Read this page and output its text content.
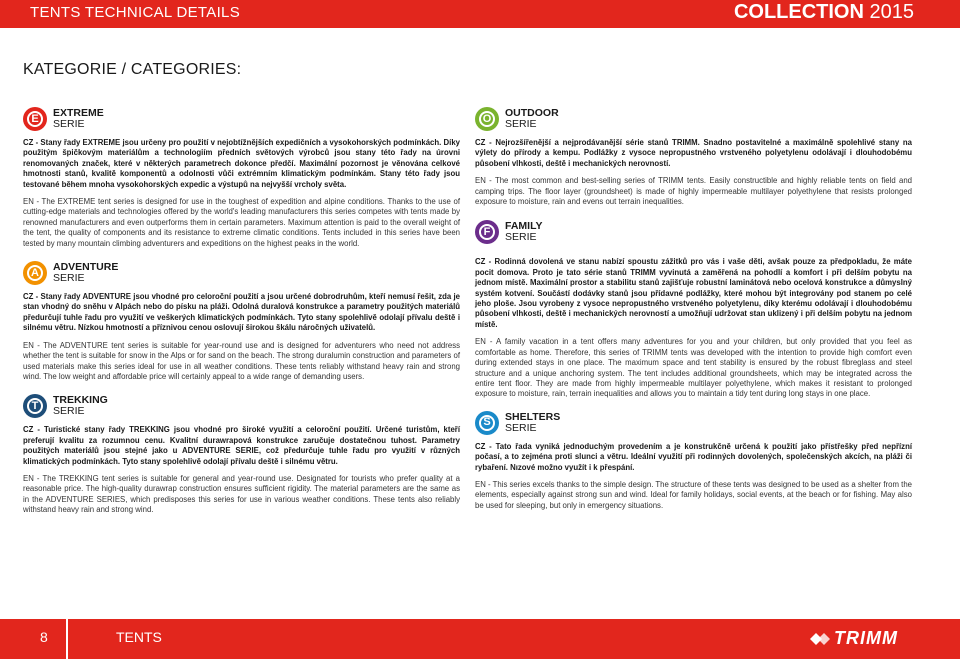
TENTS TECHNICAL DETAILS	COLLECTION 2015
KATEGORIE / CATEGORIES:
E	EXTREME
SERIE

CZ - Stany řady EXTREME jsou určeny pro použití v nejobtížnějších expedičních a vysokohorských podmínkách. Díky použitým špičkovým materiálům a technologiím předních světových výrobců jsou stany této řady na úrovni renomovaných značek, které v některých parametrech dokonce předčí. Maximální pozornost je věnována celkové hmotnosti stanů, kvalitě komponentů a odolnosti vůči extrémním klimatickým podmínkám. Stany této řady jsou testované během mnoha vysokohorských expedic a výstupů na nejvyšší vrcholy světa.

EN - The EXTREME tent series is designed for use in the toughest of expedition and alpine conditions. Thanks to the use of cutting-edge materials and technologies offered by the world's leading manufacturers this series competes with tents made by renowned manufacturers and even outperforms them in certain parameters. Maximum attention is paid to the overall weight of the tent, the quality of components and its resistance to extreme climatic conditions. Tents included in this series have been tested by many mountain climbing adventurers and expeditions on the highest peaks in the world.

A	ADVENTURE
SERIE

CZ - Stany řady ADVENTURE jsou vhodné pro celoroční použití a jsou určené dobrodruhům, kteří nemusí řešit, zda je stan vhodný do sněhu v Alpách nebo do písku na pláži. Odolná duralová konstrukce a parametry použitých materiálů předurčují tuhle řadu pro využití ve veškerých klimatických podmínkách. Tyto stany spolehlivě odolají přívalu deště i silnému větru. Nízkou hmotností a příznivou cenou oslovují širokou škálu náročných uživatelů.

EN - The ADVENTURE tent series is suitable for year-round use and is designed for adventurers who need not address whether the tent is suitable for snow in the Alps or for sand on the beach. The strong duralumin construction and parameters of used materials make this series ideal for use in all weather conditions. These tents reliably withstand heavy rain and strong wind. The low weight and affordable price will certainly appeal to a wide range of demanding users.

T	TREKKING
SERIE

CZ - Turistické stany řady TREKKING jsou vhodné pro široké využití a celoroční použití. Určené turistům, kteří preferují kvalitu za rozumnou cenu. Kvalitní durawrapová konstrukce zaručuje dostatečnou tuhost. Parametry použitých materiálů jsou stejné jako u ADVENTURE SERIE, což předurčuje tuhle řadu pro využití v různých klimatických podmínkách. Tyto stany spolehlivě odolají přívalu deště i silnému větru.

EN - The TREKKING tent series is suitable for general and year-round use. Designated for tourists who prefer quality at a reasonable price. The high-quality durawrap construction ensures sufficient rigidity. The material parameters are the same as in the ADVENTURE SERIES, which predisposes this series for use in various weather conditions. These tents also reliably withstand heavy rain and strong wind.

O	OUTDOOR
SERIE

CZ - Nejrozšířenější a nejprodávanější série stanů TRIMM. Snadno postavitelné a maximálně spolehlivé stany na výlety do přírody a kempu. Podlážky z vysoce nepropustného vrstveného polyetylenu odolávají i dlouhodobému působení vlhkosti, deště i mechanických nerovností.

EN - The most common and best-selling series of TRIMM tents. Easily constructible and highly reliable tents on field and camping trips. The floor layer (groundsheet) is made of highly impermeable multilayer polyethylene that resists prolonged exposure to moisture, rain and evens out terrain inequalities.

F	FAMILY
SERIE

CZ - Rodinná dovolená ve stanu nabízí spoustu zážitků pro vás i vaše děti, avšak pouze za předpokladu, že máte pocit domova. Proto je tato série stanů TRIMM vyvinutá a zaměřená na pohodlí a komfort i při delším pobytu na jednom místě. Maximální prostor a stabilitu stanů zajišťuje robustní laminátová nebo ocelová konstrukce a důmyslný systém kotvení. Součástí dodávky stanů jsou přídavné podlážky, které mohou být integrovány pod stanem po celé jeho ploše. Jsou vyrobeny z vysoce nepropustného vrstveného polyetylenu, díky kterému odolávají i dlouhodobému působení vlhkosti, deště i mechanických nerovností a umožňují udržovat stan uklizený i při delším pobytu na jednom místě.

EN - A family vacation in a tent offers many adventures for you and your children, but only provided that you feel as comfortable as home. Therefore, this series of TRIMM tents was developed with the intention to provide high comfort even during extended stays in one place. The maximum space and tent stability is ensured by the robust fibreglass and steel structure and a unique anchoring system. The tent includes additional groundsheets, which may be integrated across the entire tent floor. They are made from highly impermeable multilayer polyethylene, which makes it resistant to prolonged exposure to moisture, rain, terrain inequalities and allows you to maintain a tidy tent during long stays in one place.

S	SHELTERS
SERIE

CZ - Tato řada vyniká jednoduchým provedením a je konstrukčně určená k použití jako přístřešky před nepřízní počasí, a to zejména proti slunci a větru. Ideální využití při rodinných dovolených, společenských akcích, na pláži či rybaření. Nızové možno využít i k přespání.

EN - This series excels thanks to the simple design. The structure of these tents was designed to be used as a shelter from the elements, especially against strong sun and wind. Ideal for family holidays, social events, at the beach or for fishing. May also be used for sleeping, but only in emergency situations.

8	TENTS	TRIMM
